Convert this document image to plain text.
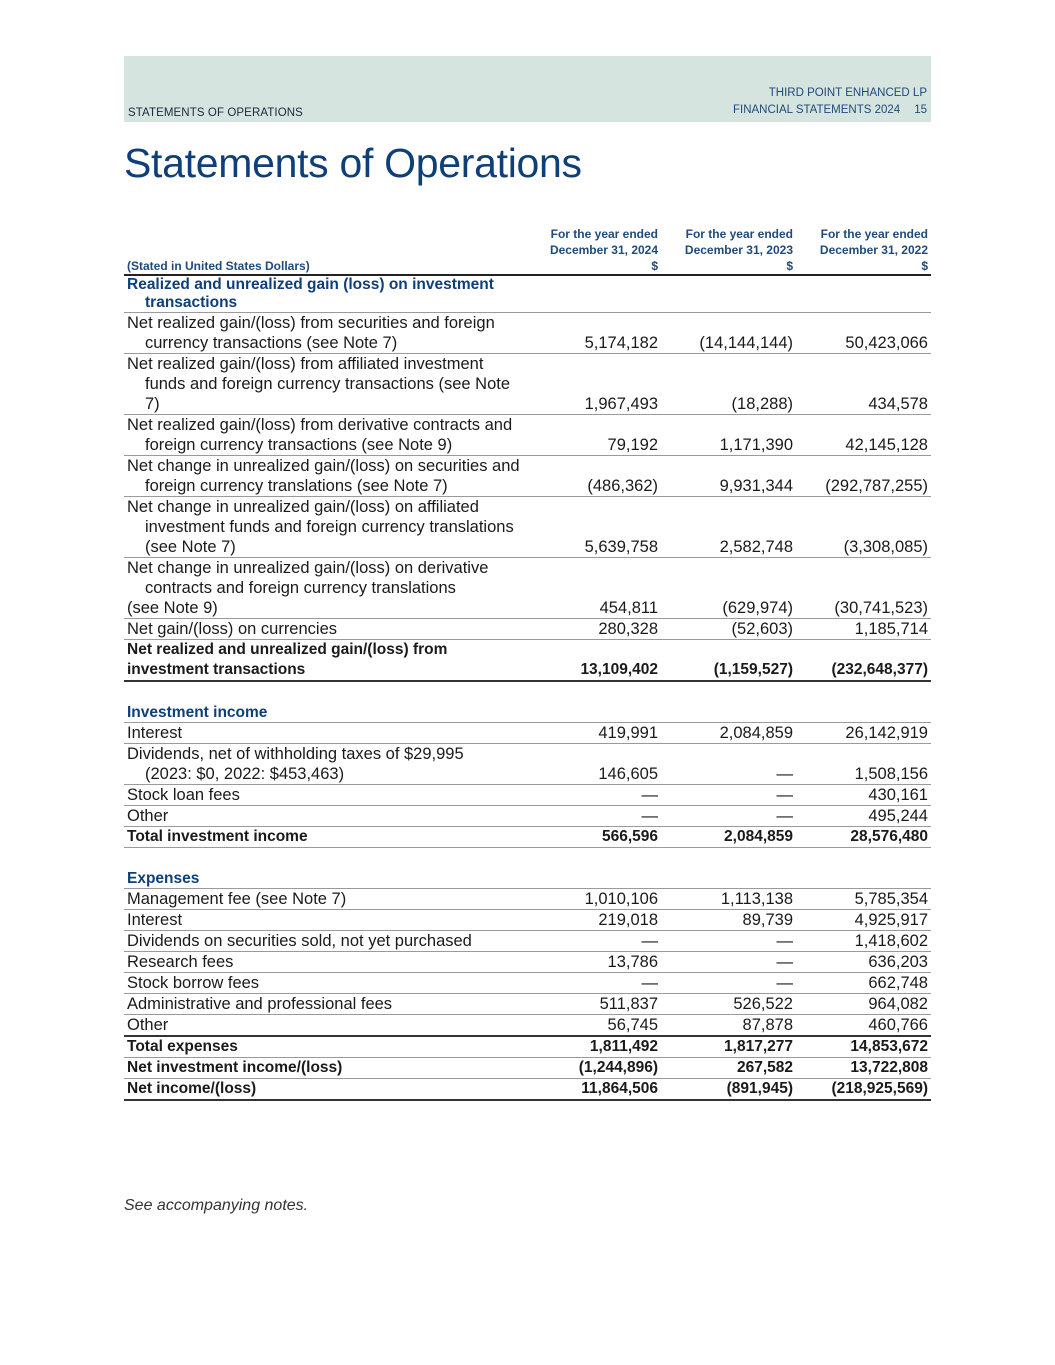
STATEMENTS OF OPERATIONS
THIRD POINT ENHANCED LP
FINANCIAL STATEMENTS 2024 15
Statements of Operations
(Stated in United States Dollars)	For the year ended
December 31, 2024
$	For the year ended
December 31, 2023
$	For the year ended
December 31, 2022
$

Realized and unrealized gain (loss) on investment
transactions			

Net realized gain/(loss) from securities and foreign
currency transactions (see Note 7)	5,174,182	(14,144,144)	50,423,066

Net realized gain/(loss) from affiliated investment
funds and foreign currency transactions (see Note 7)	1,967,493	(18,288)	434,578

Net realized gain/(loss) from derivative contracts and
foreign currency transactions (see Note 9)	79,192	1,171,390	42,145,128

Net change in unrealized gain/(loss) on securities and
foreign currency translations (see Note 7)	(486,362)	9,931,344	(292,787,255)

Net change in unrealized gain/(loss) on affiliated
investment funds and foreign currency translations
(see Note 7)	5,639,758	2,582,748	(3,308,085)

Net change in unrealized gain/(loss) on derivative
contracts and foreign currency translations
(see Note 9)	454,811	(629,974)	(30,741,523)

Net gain/(loss) on currencies	280,328	(52,603)	1,185,714

Net realized and unrealized gain/(loss) from
investment transactions	13,109,402	(1,159,527)	(232,648,377)

Investment income			

Interest	419,991	2,084,859	26,142,919

Dividends, net of withholding taxes of $29,995
(2023: $0, 2022: $453,463)	146,605	—	1,508,156

Stock loan fees	—	—	430,161

Other	—	—	495,244

Total investment income	566,596	2,084,859	28,576,480

Expenses			

Management fee (see Note 7)	1,010,106	1,113,138	5,785,354

Interest	219,018	89,739	4,925,917

Dividends on securities sold, not yet purchased	—	—	1,418,602

Research fees	13,786	—	636,203

Stock borrow fees	—	—	662,748

Administrative and professional fees	511,837	526,522	964,082

Other	56,745	87,878	460,766

Total expenses	1,811,492	1,817,277	14,853,672

Net investment income/(loss)	(1,244,896)	267,582	13,722,808

Net income/(loss)	11,864,506	(891,945)	(218,925,569)
See accompanying notes.
